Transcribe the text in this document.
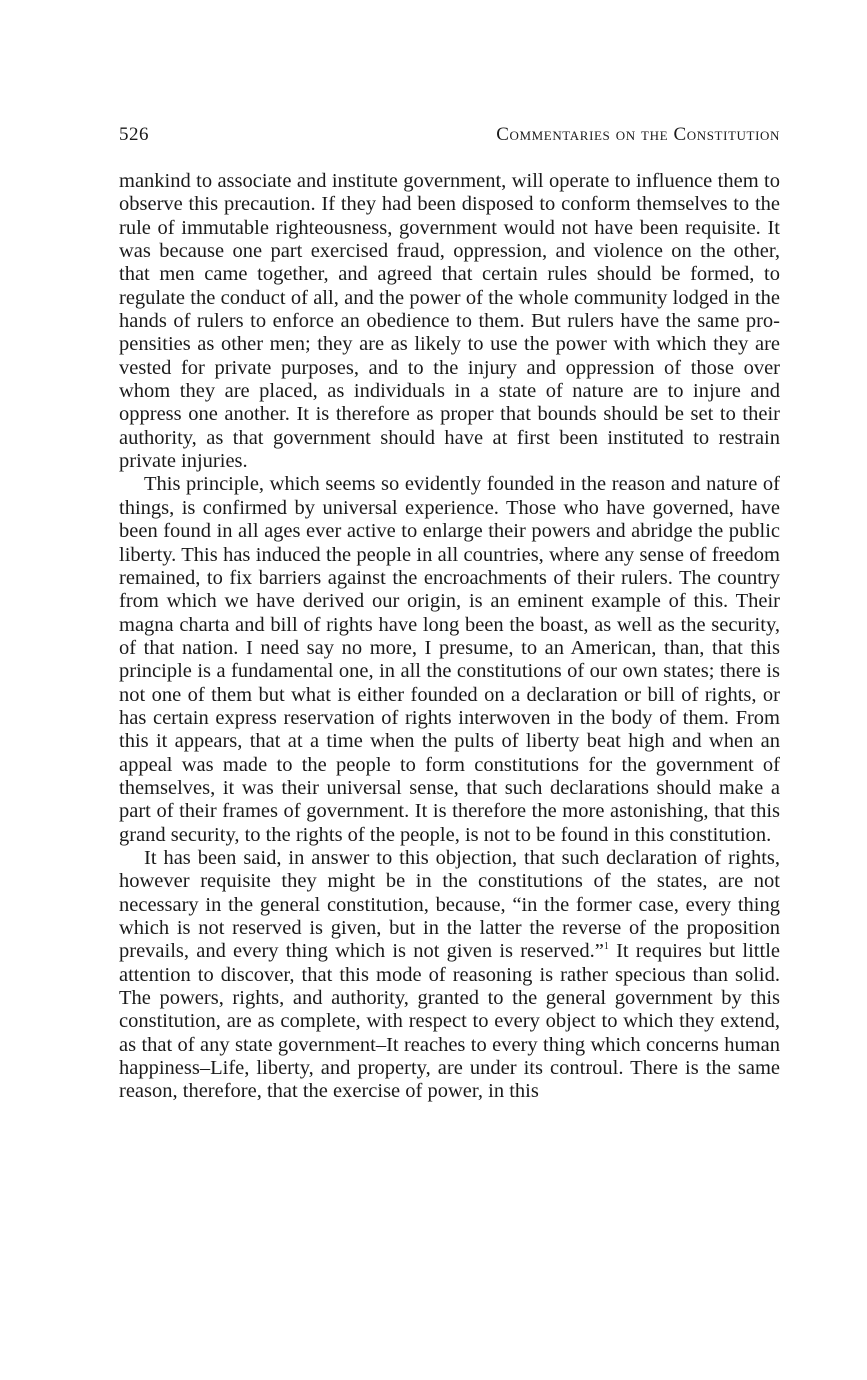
526	Commentaries on the Constitution

mankind to associate and institute government, will operate to influence them to observe this precaution. If they had been disposed to conform themselves to the rule of immutable righteousness, government would not have been requisite. It was because one part exercised fraud, oppression, and violence on the other, that men came together, and agreed that certain rules should be formed, to regulate the conduct of all, and the power of the whole community lodged in the hands of rulers to enforce an obedience to them. But rulers have the same propensities as other men; they are as likely to use the power with which they are vested for private purposes, and to the injury and oppression of those over whom they are placed, as individuals in a state of nature are to injure and oppress one another. It is therefore as proper that bounds should be set to their authority, as that government should have at first been instituted to restrain private injuries.

This principle, which seems so evidently founded in the reason and nature of things, is confirmed by universal experience. Those who have governed, have been found in all ages ever active to enlarge their powers and abridge the public liberty. This has induced the people in all countries, where any sense of freedom remained, to fix barriers against the encroachments of their rulers. The country from which we have derived our origin, is an eminent example of this. Their magna charta and bill of rights have long been the boast, as well as the security, of that nation. I need say no more, I presume, to an American, than, that this principle is a fundamental one, in all the constitutions of our own states; there is not one of them but what is either founded on a declaration or bill of rights, or has certain express reservation of rights interwoven in the body of them. From this it appears, that at a time when the pults of liberty beat high and when an appeal was made to the people to form constitutions for the government of themselves, it was their universal sense, that such declarations should make a part of their frames of government. It is therefore the more astonishing, that this grand security, to the rights of the people, is not to be found in this constitution.

It has been said, in answer to this objection, that such declaration of rights, however requisite they might be in the constitutions of the states, are not necessary in the general constitution, because, “in the former case, every thing which is not reserved is given, but in the latter the reverse of the proposition prevails, and every thing which is not given is reserved.”$^1$ It requires but little attention to discover, that this mode of reasoning is rather specious than solid. The powers, rights, and authority, granted to the general government by this constitution, are as complete, with respect to every object to which they extend, as that of any state government–It reaches to every thing which concerns human happiness–Life, liberty, and property, are under its controul. There is the same reason, therefore, that the exercise of power, in this
